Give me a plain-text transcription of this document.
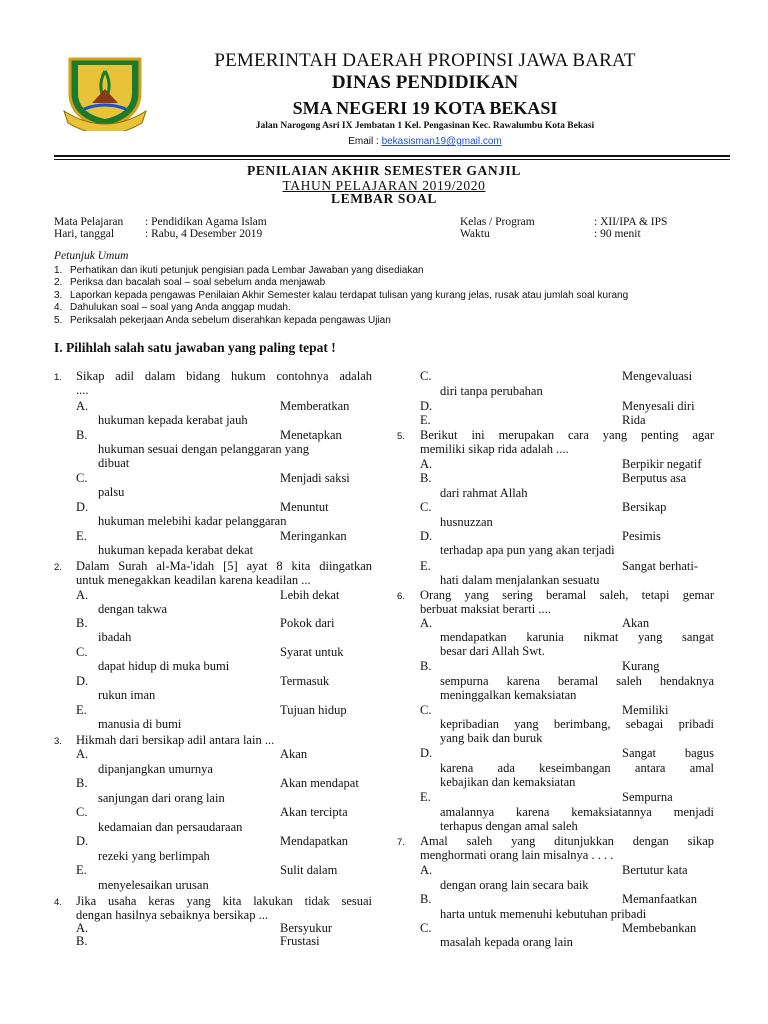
PEMERINTAH DAERAH PROPINSI JAWA BARAT
DINAS PENDIDIKAN
SMA NEGERI 19 KOTA BEKASI
Jalan Narogong Asri IX Jembatan 1 Kel. Pengasinan Kec. Rawalumbu Kota Bekasi
Email : bekasisman19@gmail.com
PENILAIAN AKHIR SEMESTER GANJIL
TAHUN PELAJARAN 2019/2020
LEMBAR SOAL
Mata Pelajaran : Pendidikan Agama Islam
Hari, tanggal	: Rabu, 4 Desember 2019
Kelas / Program	: XII/IPA & IPS
Waktu	: 90 menit
Petunjuk Umum
1. Perhatikan dan ikuti petunjuk pengisian pada Lembar Jawaban yang disediakan
2. Periksa dan bacalah soal – soal sebelum anda menjawab
3. Laporkan kepada pengawas Penilaian Akhir Semester kalau terdapat tulisan yang kurang jelas, rusak atau jumlah soal kurang
4. Dahulukan soal – soal yang Anda anggap mudah.
5. Periksalah pekerjaan Anda sebelum diserahkan kepada pengawas Ujian
I. Pilihlah salah satu jawaban yang paling tepat !
1. Sikap adil dalam bidang hukum contohnya adalah
....
A.	Memberatkan
hukuman kepada kerabat jauh
B.	Menetapkan
hukuman sesuai dengan pelanggaran yang
dibuat
C.	Menjadi saksi
palsu
D.	Menuntut
hukuman melebihi kadar pelanggaran
E.	Meringankan
hukuman kepada kerabat dekat
2. Dalam Surah al-Ma-'idah [5] ayat 8 kita diingatkan
untuk menegakkan keadilan karena keadilan ...
A.	Lebih dekat
dengan takwa
B.	Pokok dari
ibadah
C.	Syarat untuk
dapat hidup di muka bumi
D.	Termasuk
rukun iman
E.	Tujuan hidup
manusia di bumi
3. Hikmah dari bersikap adil antara lain ...
A.	Akan
dipanjangkan umurnya
B.	Akan mendapat
sanjungan dari orang lain
C.	Akan tercipta
kedamaian dan persaudaraan
D.	Mendapatkan
rezeki yang berlimpah
E.	Sulit dalam
menyelesaikan urusan
4. Jika usaha keras yang kita lakukan tidak sesuai
dengan hasilnya sebaiknya bersikap ...
A.	Bersyukur
B.	Frustasi
C.	Mengevaluasi
diri tanpa perubahan
D.	Menyesali diri
E.	Rida
5. Berikut ini merupakan cara yang penting agar
memiliki sikap rida adalah ....
A.	Berpikir negatif
B.	Berputus asa
dari rahmat Allah
C.	Bersikap
husnuzzan
D.	Pesimis
terhadap apa pun yang akan terjadi
E.	Sangat berhati-
hati dalam menjalankan sesuatu
6. Orang yang sering beramal saleh, tetapi gemar
berbuat maksiat berarti ....
A.	Akan
mendapatkan karunia nikmat yang sangat
besar dari Allah Swt.
B.	Kurang
sempurna karena beramal saleh hendaknya
meninggalkan kemaksiatan
C.	Memiliki
kepribadian yang berimbang, sebagai pribadi
yang baik dan buruk
D.	Sangat bagus
karena ada keseimbangan antara amal
kebajikan dan kemaksiatan
E.	Sempurna
amalannya karena kemaksiatannya menjadi
terhapus dengan amal saleh
7. Amal saleh yang ditunjukkan dengan sikap
menghormati orang lain misalnya . . . .
A.	Bertutur kata
dengan orang lain secara baik
B.	Memanfaatkan
harta untuk memenuhi kebutuhan pribadi
C.	Membebankan
masalah kepada orang lain
